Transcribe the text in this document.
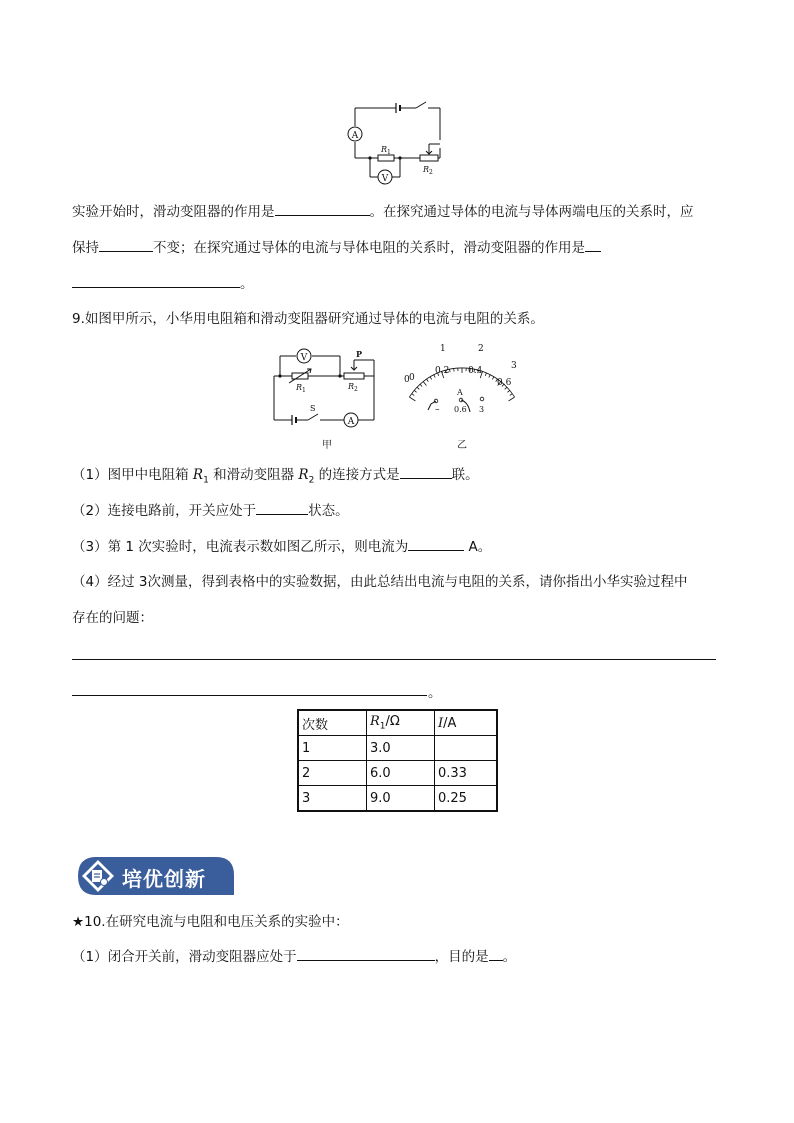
A
V
R 1
R 2
实验开始时，滑动变阻器的作用是	。在探究通过导体的电流与导体两端电压的关系时，应
保持	不变；在探究通过导体的电流与导体电阻的关系时，滑动变阻器的作用是
。
9.如图甲所示，小华用电阻箱和滑动变阻器研究通过导体的电流与电阻的关系。
V
A
S
P
R 1	R 2
甲
0
1	2
3
0
0.2 0.4
0.6
A
– 0.6 3
乙
（1）图甲中电阻箱 $R_1$ 和滑动变阻器 $R_2$ 的连接方式是	联。
（2）连接电路前，开关应处于	状态。
（3）第 1 次实验时，电流表示数如图乙所示，则电流为	A。
（4）经过 3次测量，得到表格中的实验数据，由此总结出电流与电阻的关系，请你指出小华实验过程中
存在的问题：
。
次数	$R_1/\Omega$	I/A
1	3.0	
2	6.0	0.33
3	9.0	0.25
培优创新
★10.在研究电流与电阻和电压关系的实验中：
（1）闭合开关前，滑动变阻器应处于	，目的是 。
